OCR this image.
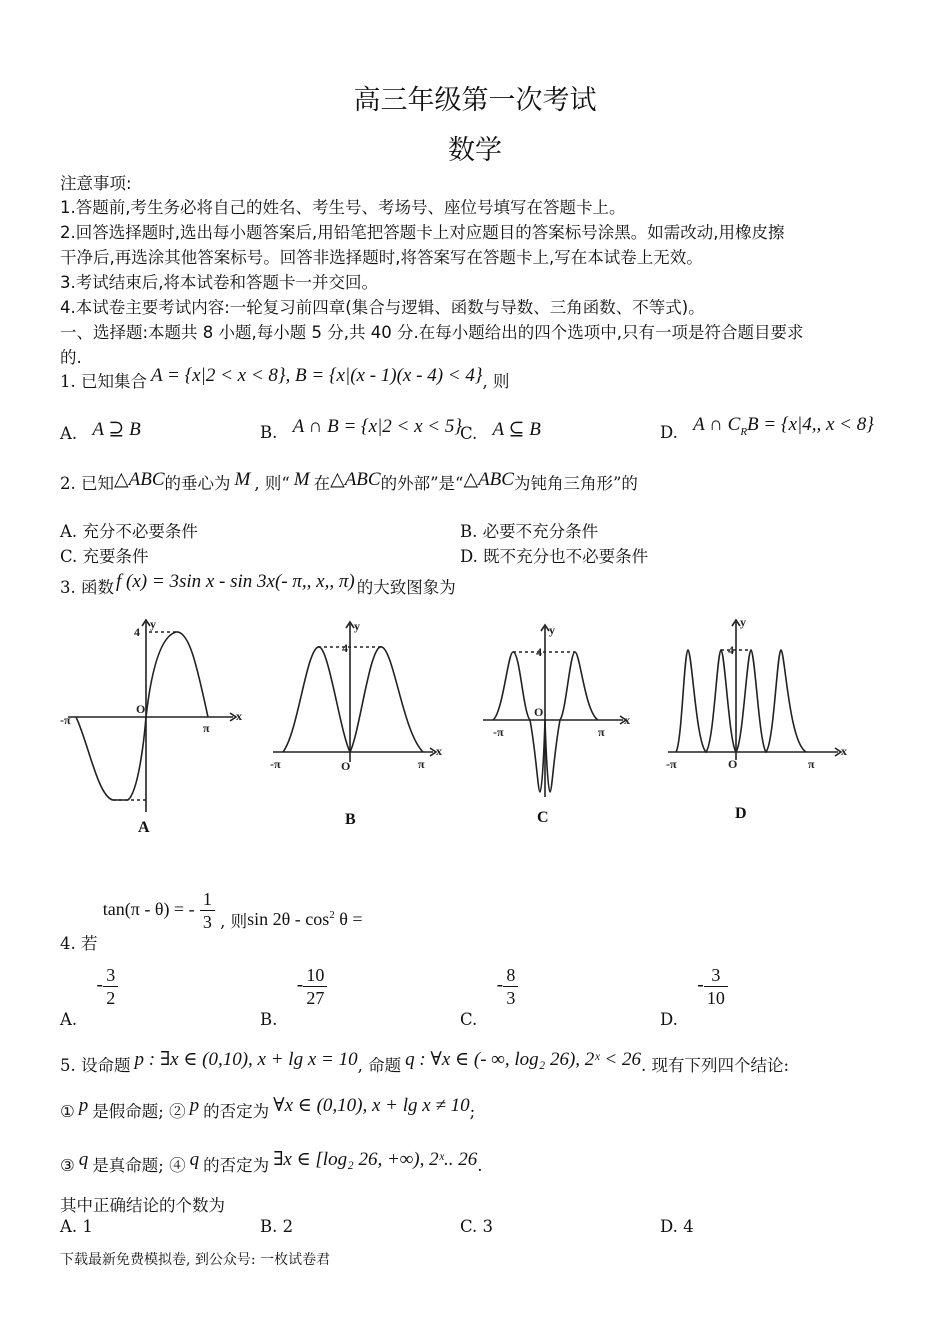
高三年级第一次考试
数学
注意事项:
1.答题前,考生务必将自己的姓名、考生号、考场号、座位号填写在答题卡上。
2.回答选择题时,选出每小题答案后,用铅笔把答题卡上对应题目的答案标号涂黑。如需改动,用橡皮擦
干净后,再选涂其他答案标号。回答非选择题时,将答案写在答题卡上,写在本试卷上无效。
3.考试结束后,将本试卷和答题卡一并交回。
4.本试卷主要考试内容:一轮复习前四章(集合与逻辑、函数与导数、三角函数、不等式)。
一、选择题:本题共 8 小题,每小题 5 分,共 40 分.在每小题给出的四个选项中,只有一项是符合题目要求
的.
1. 已知集合 A = {x|2 < x < 8}, B = {x|(x - 1)(x - 4) < 4}, 则
A. A ⊇ B	B. A ∩ B = {x|2 < x < 5}
C. A ⊆ B	D. A ∩ $C_RB = \{x|4$,, x < 8}
2. 已知△ABC的垂心为 M , 则“ M 在△ABC的外部”是“△ABC为钝角三角形”的
A. 充分不必要条件	B. 必要不充分条件
C. 充要条件	D. 既不充分也不必要条件
3. 函数 f (x) = 3sin x - sin 3x(- π,, x,, π) 的大致图象为
-π
π
O
4
x
y
-π	π
O
4
x
y
-π	π
O
4
x
y
-π	π
O
4
x
y
A	B	C	D
4. 若 tan(π - θ) = - $\frac{1}{3}$ , 则$\sin 2\theta - \cos^2 \theta$ =
A. - $\frac{3}{2}$
B. - $\frac{10}{27}$
C. - $\frac{8}{3}$
D. - $\frac{3}{10}$
5. 设命题 p : ∃x ∈ (0,10), x + lg x = 10, 命题 q : ∀x ∈ (- ∞, log₂ 26), 2ˣ < 26. 现有下列四个结论:
① p 是假命题; ② p 的否定为 ∀x ∈ (0,10), x + lg x ≠ 10;
③ q 是真命题; ④ q 的否定为 ∃x ∈ [log₂ 26, +∞), 2ˣ.. 26.
其中正确结论的个数为
A. 1	B. 2	C. 3	D. 4
下载最新免费模拟卷, 到公众号: 一枚试卷君
